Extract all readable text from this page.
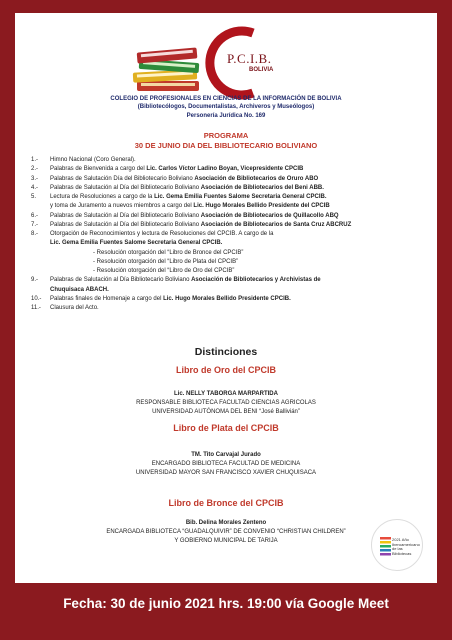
P.C.I.B.
BOLIVIA
COLEGIO DE PROFESIONALES EN CIENCIAS DE LA INFORMACIÓN DE BOLIVIA
(Bibliotecólogos, Documentalistas, Archiveros y Museólogos)
Personería Jurídica No. 169
PROGRAMA
30 DE JUNIO DIA DEL BIBLIOTECARIO BOLIVIANO
1.- Himno Nacional (Coro General).
2.- Palabras de Bienvenida a cargo del Lic. Carlos Víctor Ladino Boyan, Vicepresidente CPCIB
3.- Palabras de Salutación Día del Bibliotecario Boliviano Asociación de Bibliotecarios de Oruro ABO
4.- Palabras de Salutación al Día del Bibliotecario Boliviano Asociación de Bibliotecarios del Beni ABB.
5. Lectura de Resoluciones a cargo de la Lic. Gema Emilia Fuentes Salome Secretaria General CPCIB.
y toma de Juramento a nuevos miembros a cargo del Lic. Hugo Morales Bellido Presidente del CPCIB
6.- Palabras de Salutación al Día del Bibliotecario Boliviano Asociación de Bibliotecarios de Quillacollo ABQ
7.- Palabras de Salutación al Día del Bibliotecario Boliviano Asociación de Bibliotecarios de Santa Cruz ABCRUZ
8.- Otorgación de Reconocimientos y lectura de Resoluciones del CPCIB. A cargo de la
Lic. Gema Emilia Fuentes Salome Secretaria General CPCIB.
- Resolución otorgación del “Libro de Bronce del CPCIB”
- Resolución otorgación del “Libro de Plata del CPCIB”
- Resolución otorgación del “Libro de Oro del CPCIB”
9.- Palabras de Salutación al Día Bibliotecario Boliviano Asociación de Bibliotecarios y Archivistas de
Chuquisaca ABACH.
10.- Palabras finales de Homenaje a cargo del Lic. Hugo Morales Bellido Presidente CPCIB.
11.- Clausura del Acto.
Distinciones
Libro de Oro del CPCIB
Lic. NELLY TABORGA MARPARTIDA
RESPONSABLE BIBLIOTECA FACULTAD CIENCIAS AGRICOLAS
UNIVERSIDAD AUTÓNOMA DEL BENI “José Ballivián”
Libro de Plata del CPCIB
TM. Tito Carvajal Jurado
ENCARGADO BIBLIOTECA FACULTAD DE MEDICINA
UNIVERSIDAD MAYOR SAN FRANCISCO XAVIER CHUQUISACA
Libro de Bronce del CPCIB
Bib. Delina Morales Zenteno
ENCARGADA BIBLIOTECA “GUADALQUIVIR” DE CONVENIO “CHRISTIAN CHILDREN”
Y GOBIERNO MUNICIPAL DE TARIJA	2021 Año
Iberoamericano
de las Bibliotecas
Fecha: 30 de junio 2021 hrs. 19:00 vía Google Meet
